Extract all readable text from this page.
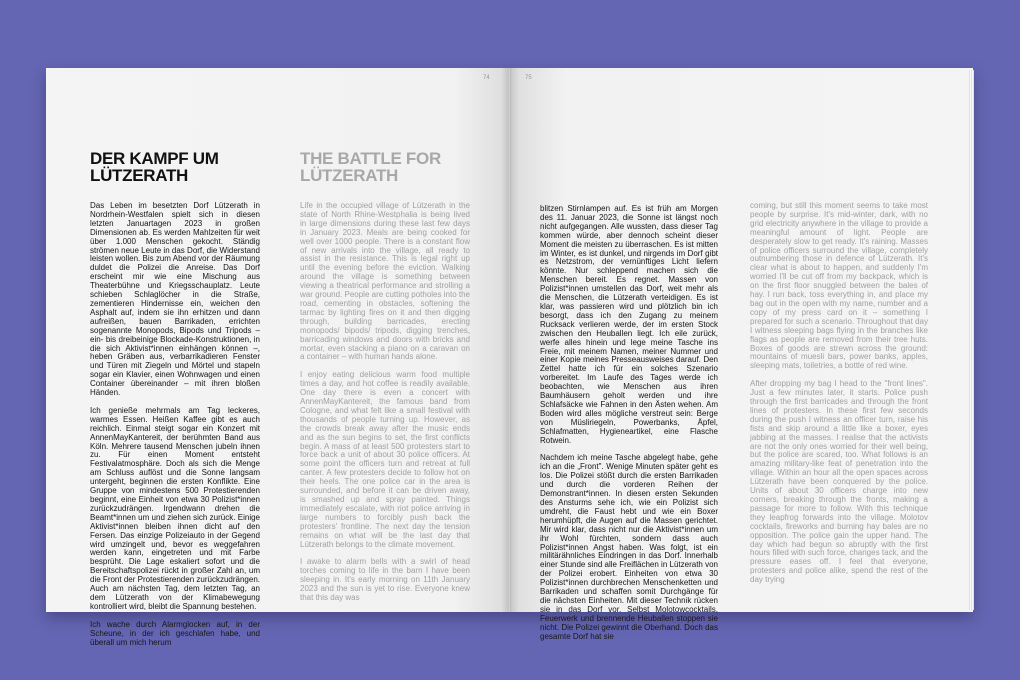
74
DER KAMPF UM LÜTZERATH
THE BATTLE FOR LÜTZERATH

Das Leben im besetzten Dorf Lützerath in Nordrhein-Westfalen spielt sich in diesen letzten Januartagen 2023 in großen Dimensionen ab. Es werden Mahlzeiten für weit über 1.000 Menschen gekocht. Ständig strömen neue Leute in das Dorf, die Widerstand leisten wollen. Bis zum Abend vor der Räumung duldet die Polizei die Anreise. Das Dorf erscheint mir wie eine Mischung aus Theaterbühne und Kriegsschauplatz. Leute schieben Schlaglöcher in die Straße, zementieren Hindernisse ein, weichen den Asphalt auf, indem sie ihn erhitzen und dann aufreißen, bauen Barrikaden, errichten sogenannte Monopods, Bipods und Tripods – ein- bis dreibeinige Blockade-Konstruktionen, in die sich Aktivist*innen einhängen können –, heben Gräben aus, verbarrikadieren Fenster und Türen mit Ziegeln und Mörtel und stapeln sogar ein Klavier, einen Wohnwagen und einen Container übereinander – mit ihren bloßen Händen.

Ich genieße mehrmals am Tag leckeres, warmes Essen. Heißen Kaffee gibt es auch reichlich. Einmal steigt sogar ein Konzert mit AnnenMayKantereit, der berühmten Band aus Köln. Mehrere tausend Menschen jubeln ihnen zu. Für einen Moment entsteht Festivalatmosphäre. Doch als sich die Menge am Schluss auflöst und die Sonne langsam untergeht, beginnen die ersten Konflikte. Eine Gruppe von mindestens 500 Protestierenden beginnt, eine Einheit von etwa 30 Polizist*innen zurückzudrängen. Irgendwann drehen die Beamt*innen um und ziehen sich zurück. Einige Aktivist*innen bleiben ihnen dicht auf den Fersen. Das einzige Polizeiauto in der Gegend wird umzingelt und, bevor es weggefahren werden kann, eingetreten und mit Farbe besprüht. Die Lage eskaliert sofort und die Bereitschaftspolizei rückt in großer Zahl an, um die Front der Protestierenden zurückzudrängen. Auch am nächsten Tag, dem letzten Tag, an dem Lützerath von der Klimabewegung kontrolliert wird, bleibt die Spannung bestehen.

Ich wache durch Alarmglocken auf, in der Scheune, in der ich geschlafen habe, und überall um mich herum

Life in the occupied village of Lützerath in the state of North Rhine-Westphalia is being lived in large dimensions during these last few days in January 2023. Meals are being cooked for well over 1000 people. There is a constant flow of new arrivals into the village, all ready to assist in the resistance. This is legal right up until the evening before the eviction. Walking around the village is something between viewing a theatrical performance and strolling a war ground. People are cutting potholes into the road, cementing in obstacles, softening the tarmac by lighting fires on it and then digging through, building barricades, erecting monopods/ bipods/ tripods, digging trenches, barricading windows and doors with bricks and mortar, even stacking a piano on a caravan on a container – with human hands alone.

I enjoy eating delicious warm food multiple times a day, and hot coffee is readily available. One day there is even a concert with AnnenMayKantereit, the famous band from Cologne, and what felt like a small festival with thousands of people turning up. However, as the crowds break away after the music ends and as the sun begins to set, the first conflicts begin. A mass of at least 500 protesters start to force back a unit of about 30 police officers. At some point the officers turn and retreat at full canter. A few protesters decide to follow hot on their heels. The one police car in the area is surrounded, and before it can be driven away, is smashed up and spray painted. Things immediately escalate, with riot police arriving in large numbers to forcibly push back the protesters' frontline. The next day the tension remains on what will be the last day that Lützerath belongs to the climate movement.

I awake to alarm bells with a swirl of head torches coming to life in the barn I have been sleeping in. It's early morning on 11th January 2023 and the sun is yet to rise. Everyone knew that this day was

75

blitzen Stirnlampen auf. Es ist früh am Morgen des 11. Januar 2023, die Sonne ist längst noch nicht aufgegangen. Alle wussten, dass dieser Tag kommen würde, aber dennoch scheint dieser Moment die meisten zu überraschen. Es ist mitten im Winter, es ist dunkel, und nirgends im Dorf gibt es Netzstrom, der vernünftiges Licht liefern könnte. Nur schleppend machen sich die Menschen bereit. Es regnet. Massen von Polizist*innen umstellen das Dorf, weit mehr als die Menschen, die Lützerath verteidigen. Es ist klar, was passieren wird und plötzlich bin ich besorgt, dass ich den Zugang zu meinem Rucksack verlieren werde, der im ersten Stock zwischen den Heuballen liegt. Ich eile zurück, werfe alles hinein und lege meine Tasche ins Freie, mit meinem Namen, meiner Nummer und einer Kopie meines Presseausweises darauf. Den Zettel hatte ich für ein solches Szenario vorbereitet. Im Laufe des Tages werde ich beobachten, wie Menschen aus ihren Baumhäusern geholt werden und ihre Schlafsäcke wie Fahnen in den Ästen wehen. Am Boden wird alles mögliche verstreut sein: Berge von Müsliriegeln, Powerbanks, Äpfel, Schlafmatten, Hygieneartikel, eine Flasche Rotwein.

Nachdem ich meine Tasche abgelegt habe, gehe ich an die „Front". Wenige Minuten später geht es los. Die Polizei stößt durch die ersten Barrikaden und durch die vorderen Reihen der Demonstrant*innen. In diesen ersten Sekunden des Ansturms sehe ich, wie ein Polizist sich umdreht, die Faust hebt und wie ein Boxer herumhüpft, die Augen auf die Massen gerichtet. Mir wird klar, dass nicht nur die Aktivist*innen um ihr Wohl fürchten, sondern dass auch Polizist*innen Angst haben. Was folgt, ist ein militärähnliches Eindringen in das Dorf. Innerhalb einer Stunde sind alle Freiflächen in Lützerath von der Polizei erobert. Einheiten von etwa 30 Polizist*innen durchbrechen Menschenketten und Barrikaden und schaffen somit Durchgänge für die nächsten Einheiten. Mit dieser Technik rücken sie in das Dorf vor. Selbst Molotowcocktails, Feuerwerk und brennende Heuballen stoppen sie nicht. Die Polizei gewinnt die Oberhand. Doch das gesamte Dorf hat sie

coming, but still this moment seems to take most people by surprise. It's mid-winter, dark, with no grid electricity anywhere in the village to provide a meaningful amount of light. People are desperately slow to get ready. It's raining. Masses of police officers surround the village, completely outnumbering those in defence of Lützerath. It's clear what is about to happen, and suddenly I'm worried I'll be cut off from my backpack, which is on the first floor snuggled between the bales of hay. I run back, toss everything in, and place my bag out in the open with my name, number and a copy of my press card on it – something I prepared for such a scenario. Throughout that day I witness sleeping bags flying in the branches like flags as people are removed from their tree huts. Boxes of goods are strewn across the ground: mountains of muesli bars, power banks, apples, sleeping mats, toiletries, a bottle of red wine.

After dropping my bag I head to the "front lines". Just a few minutes later, it starts. Police push through the first barricades and through the front lines of protesters. In these first few seconds during the push I witness an officer turn, raise his fists and skip around a little like a boxer, eyes jabbing at the masses. I realise that the activists are not the only ones worried for their well being, but the police are scared, too. What follows is an amazing military-like feat of penetration into the village. Within an hour all the open spaces across Lützerath have been conquered by the police. Units of about 30 officers charge into new corners, breaking through the fronts, making a passage for more to follow. With this technique they leapfrog forwards into the village. Molotov cocktails, fireworks and burning hay bales are no opposition. The police gain the upper hand. The day which had begun so abruptly with the first hours filled with such force, changes tack, and the pressure eases off. I feel that everyone, protesters and police alike, spend the rest of the day trying
